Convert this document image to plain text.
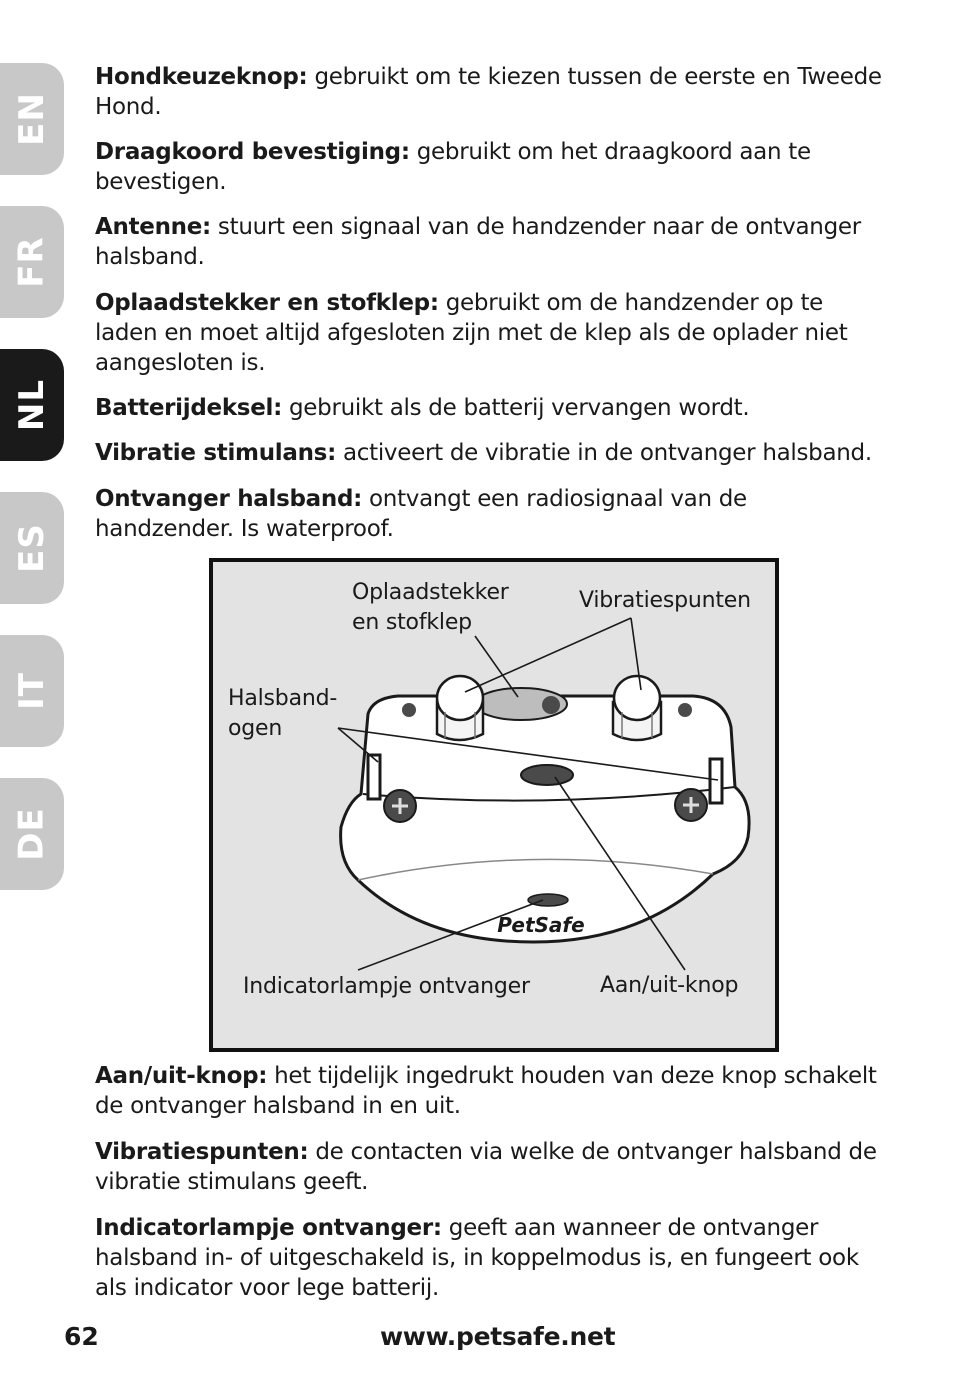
EN
FR
NL
ES
IT
DE

Hondkeuzeknop: gebruikt om te kiezen tussen de eerste en Tweede Hond.

Draagkoord bevestiging: gebruikt om het draagkoord aan te bevestigen.

Antenne: stuurt een signaal van de handzender naar de ontvanger halsband.

Oplaadstekker en stofklep: gebruikt om de handzender op te laden en moet altijd afgesloten zijn met de klep als de oplader niet aangesloten is.

Batterijdeksel: gebruikt als de batterij vervangen wordt.

Vibratie stimulans: activeert de vibratie in de ontvanger halsband.

Ontvanger halsband: ontvangt een radiosignaal van de handzender. Is waterproof.

PetSafe
Oplaadstekker
en stofklep
Vibratiespunten
Halsband-
ogen
Indicatorlampje ontvanger	Aan/uit-knop

Aan/uit-knop: het tijdelijk ingedrukt houden van deze knop schakelt de ontvanger halsband in en uit.

Vibratiespunten: de contacten via welke de ontvanger halsband de vibratie stimulans geeft.

Indicatorlampje ontvanger: geeft aan wanneer de ontvanger halsband in- of uitgeschakeld is, in koppelmodus is, en fungeert ook als indicator voor lege batterij.

62	www.petsafe.net
